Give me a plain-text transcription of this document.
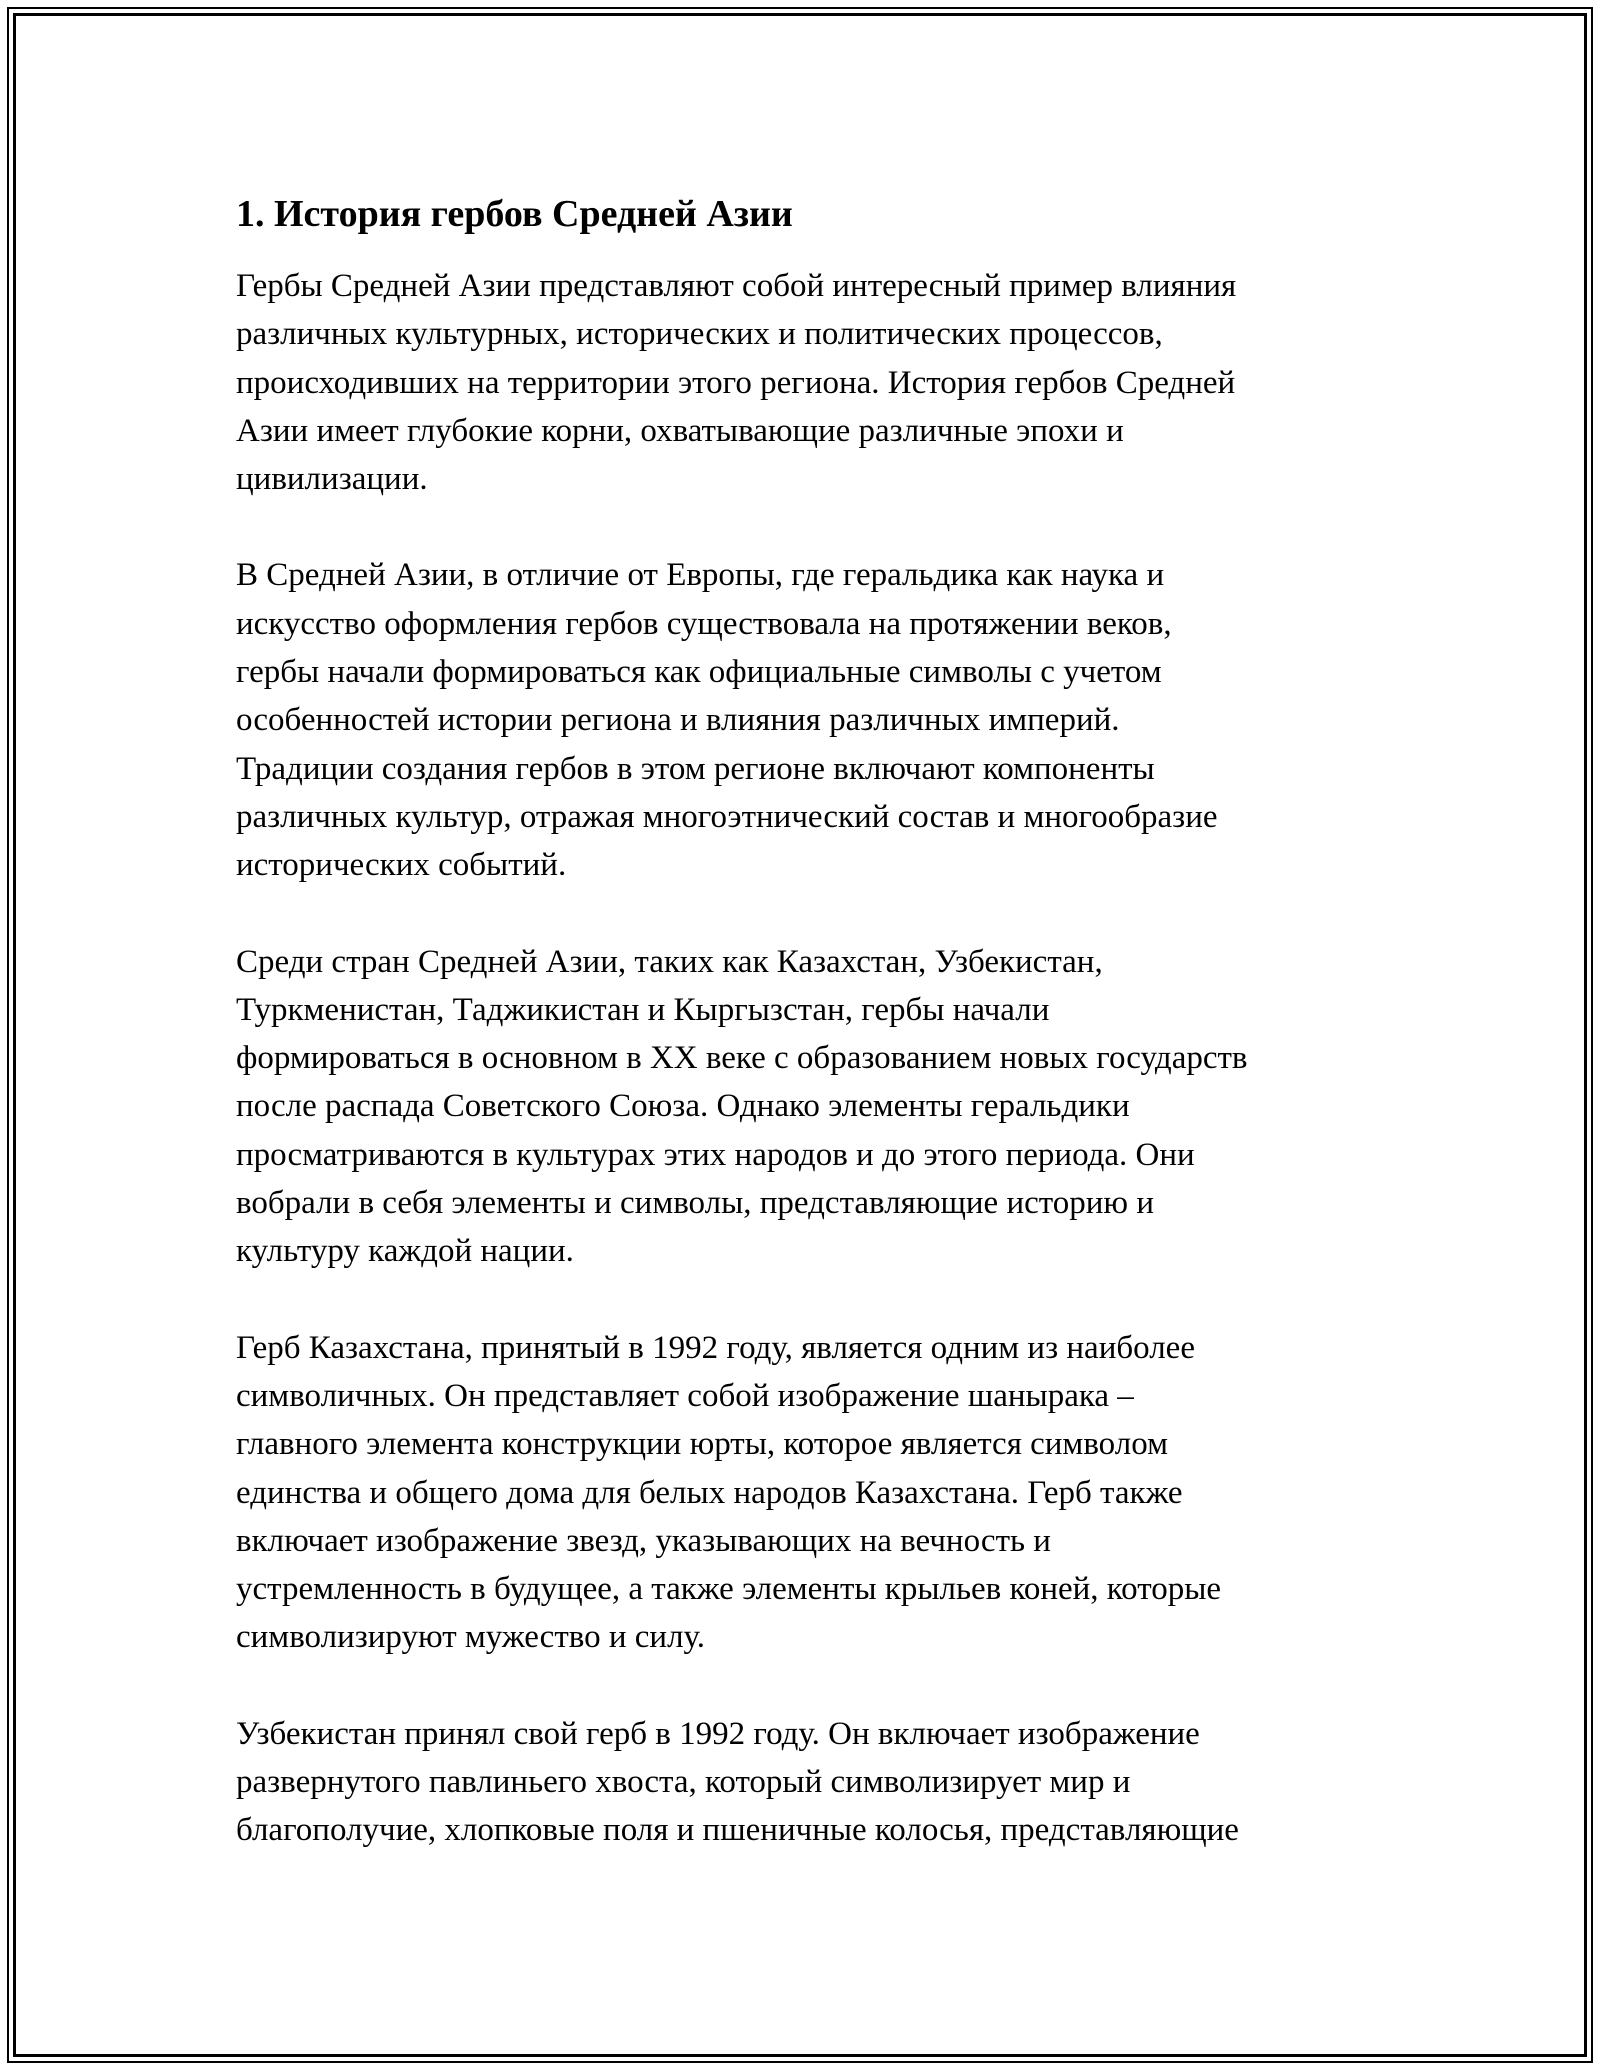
1. История гербов Средней Азии

Гербы Средней Азии представляют собой интересный пример влияния
различных культурных, исторических и политических процессов,
происходивших на территории этого региона. История гербов Средней
Азии имеет глубокие корни, охватывающие различные эпохи и
цивилизации.

В Средней Азии, в отличие от Европы, где геральдика как наука и
искусство оформления гербов существовала на протяжении веков,
гербы начали формироваться как официальные символы с учетом
особенностей истории региона и влияния различных империй.
Традиции создания гербов в этом регионе включают компоненты
различных культур, отражая многоэтнический состав и многообразие
исторических событий.

Среди стран Средней Азии, таких как Казахстан, Узбекистан,
Туркменистан, Таджикистан и Кыргызстан, гербы начали
формироваться в основном в XX веке с образованием новых государств
после распада Советского Союза. Однако элементы геральдики
просматриваются в культурах этих народов и до этого периода. Они
вобрали в себя элементы и символы, представляющие историю и
культуру каждой нации.

Герб Казахстана, принятый в 1992 году, является одним из наиболее
символичных. Он представляет собой изображение шанырака –
главного элемента конструкции юрты, которое является символом
единства и общего дома для белых народов Казахстана. Герб также
включает изображение звезд, указывающих на вечность и
устремленность в будущее, а также элементы крыльев коней, которые
символизируют мужество и силу.

Узбекистан принял свой герб в 1992 году. Он включает изображение
развернутого павлиньего хвоста, который символизирует мир и
благополучие, хлопковые поля и пшеничные колосья, представляющие
